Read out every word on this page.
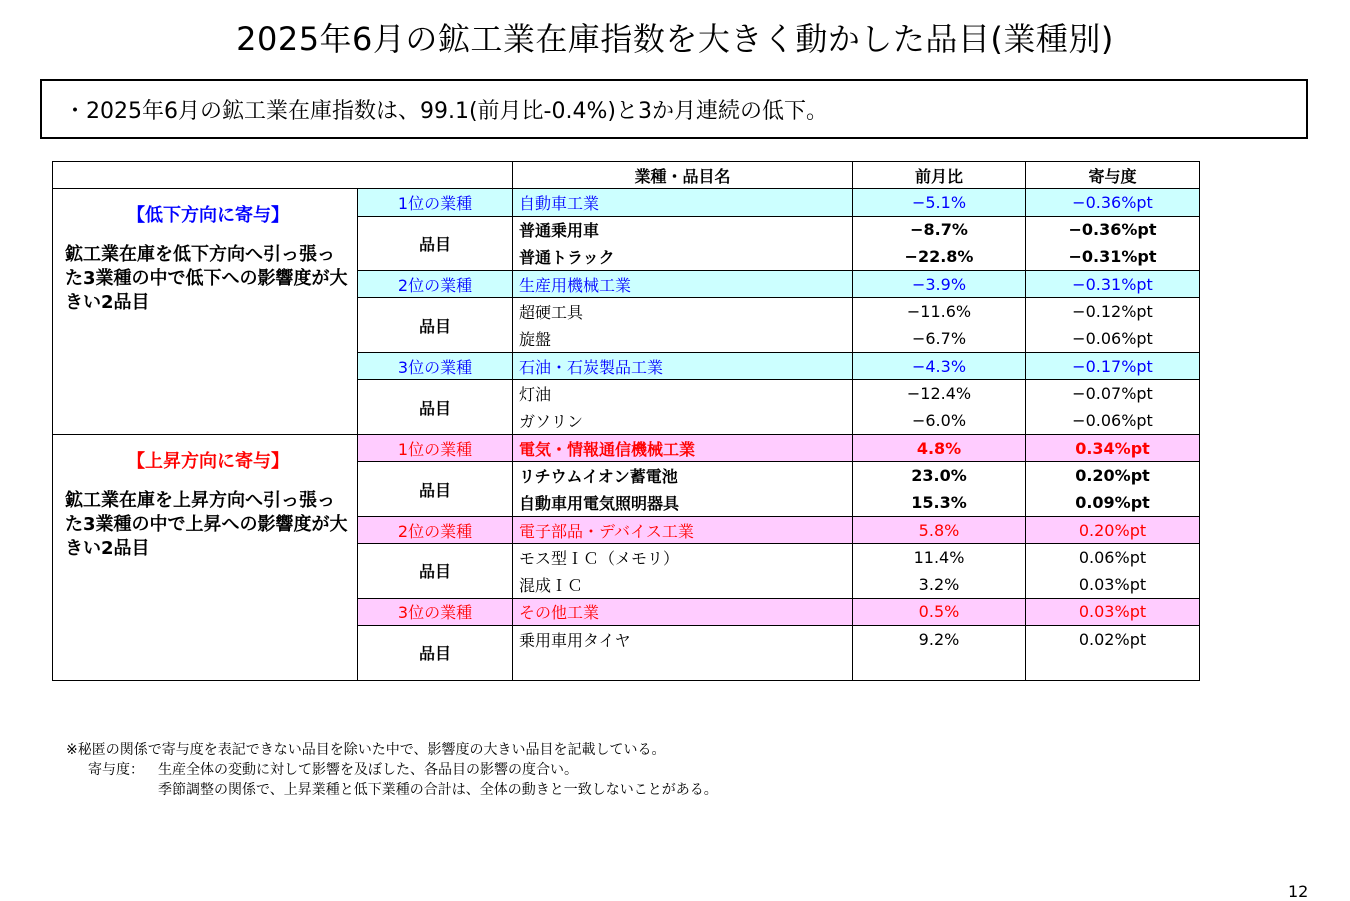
2025年6月の鉱工業在庫指数を大きく動かした品目(業種別)
・2025年6月の鉱工業在庫指数は、99.1(前月比-0.4%)と3か月連続の低下。
		業種・品目名	前月比	寄与度

【低下方向に寄与】
鉱工業在庫を低下方向へ引っ張った3業種の中で低下への影響度が大きい2品目	1位の業種	自動車工業	−5.1%	−0.36%pt
	品目	普通乗用車	−8.7%	−0.36%pt
		普通トラック	−22.8%	−0.31%pt
	2位の業種	生産用機械工業	−3.9%	−0.31%pt
	品目	超硬工具	−11.6%	−0.12%pt
		旋盤	−6.7%	−0.06%pt
	3位の業種	石油・石炭製品工業	−4.3%	−0.17%pt
	品目	灯油	−12.4%	−0.07%pt
		ガソリン	−6.0%	−0.06%pt

【上昇方向に寄与】
鉱工業在庫を上昇方向へ引っ張った3業種の中で上昇への影響度が大きい2品目	1位の業種	電気・情報通信機械工業	4.8%	0.34%pt
	品目	リチウムイオン蓄電池	23.0%	0.20%pt
		自動車用電気照明器具	15.3%	0.09%pt
	2位の業種	電子部品・デバイス工業	5.8%	0.20%pt
	品目	モス型ＩＣ（メモリ）	11.4%	0.06%pt
		混成ＩＣ	3.2%	0.03%pt
	3位の業種	その他工業	0.5%	0.03%pt
	品目	乗用車用タイヤ	9.2%	0.02%pt

※秘匿の関係で寄与度を表記できない品目を除いた中で、影響度の大きい品目を記載している。
寄与度：	生産全体の変動に対して影響を及ぼした、各品目の影響の度合い。
季節調整の関係で、上昇業種と低下業種の合計は、全体の動きと一致しないことがある。
12
